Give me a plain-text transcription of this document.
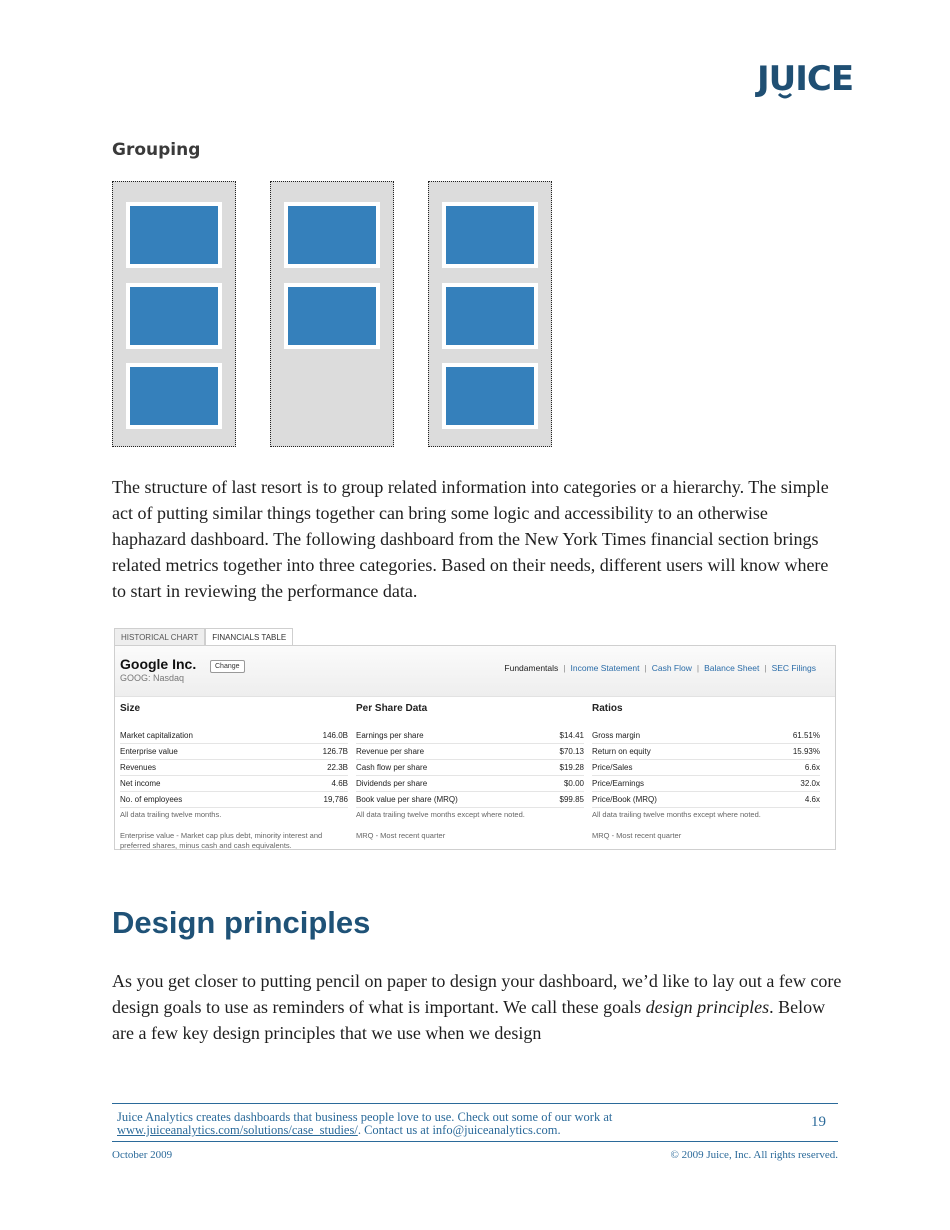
JUICE
Grouping
The structure of last resort is to group related information into categories or a hierarchy. The simple act of putting similar things together can bring some logic and accessibility to an otherwise haphazard dashboard. The following dashboard from the New York Times financial section brings related metrics together into three categories. Based on their needs, different users will know where to start in reviewing the performance data.
HISTORICAL CHART	FINANCIALS TABLE
Google Inc.
GOOG: Nasdaq
Change	Fundamentals | Income Statement | Cash Flow | Balance Sheet | SEC Filings
Size
Market capitalization	146.0B
Enterprise value	126.7B
Revenues	22.3B
Net income	4.6B
No. of employees	19,786
All data trailing twelve months.
Enterprise value - Market cap plus debt, minority interest and preferred shares, minus cash and cash equivalents.
Per Share Data
Earnings per share	$14.41
Revenue per share	$70.13
Cash flow per share	$19.28
Dividends per share	$0.00
Book value per share (MRQ)	$99.85
All data trailing twelve months except where noted.
MRQ - Most recent quarter
Ratios
Gross margin	61.51%
Return on equity	15.93%
Price/Sales	6.6x
Price/Earnings	32.0x
Price/Book (MRQ)	4.6x
All data trailing twelve months except where noted.
MRQ - Most recent quarter
Design principles
As you get closer to putting pencil on paper to design your dashboard, we’d like to lay out a few core design goals to use as reminders of what is important. We call these goals design principles. Below are a few key design principles that we use when we design
Juice Analytics creates dashboards that business people love to use. Check out some of our work at
www.juiceanalytics.com/solutions/case_studies/. Contact us at info@juiceanalytics.com.	19
October 2009	© 2009 Juice, Inc. All rights reserved.
